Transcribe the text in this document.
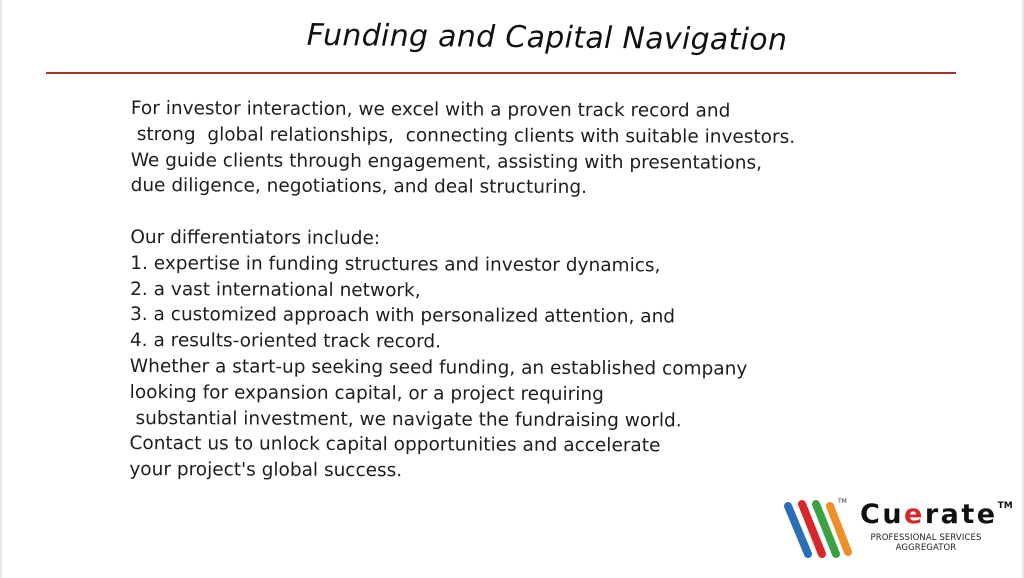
Funding and Capital Navigation
For investor interaction, we excel with a proven track record and
strong  global relationships,  connecting clients with suitable investors.
We guide clients through engagement, assisting with presentations,
due diligence, negotiations, and deal structuring.
Our differentiators include:
1. expertise in funding structures and investor dynamics,
2. a vast international network,
3. a customized approach with personalized attention, and
4. a results-oriented track record.
Whether a start-up seeking seed funding, an established company
looking for expansion capital, or a project requiring
substantial investment, we navigate the fundraising world.
Contact us to unlock capital opportunities and accelerate
your project's global success.
TM Cuerate™
PROFESSIONAL SERVICES
AGGREGATOR
